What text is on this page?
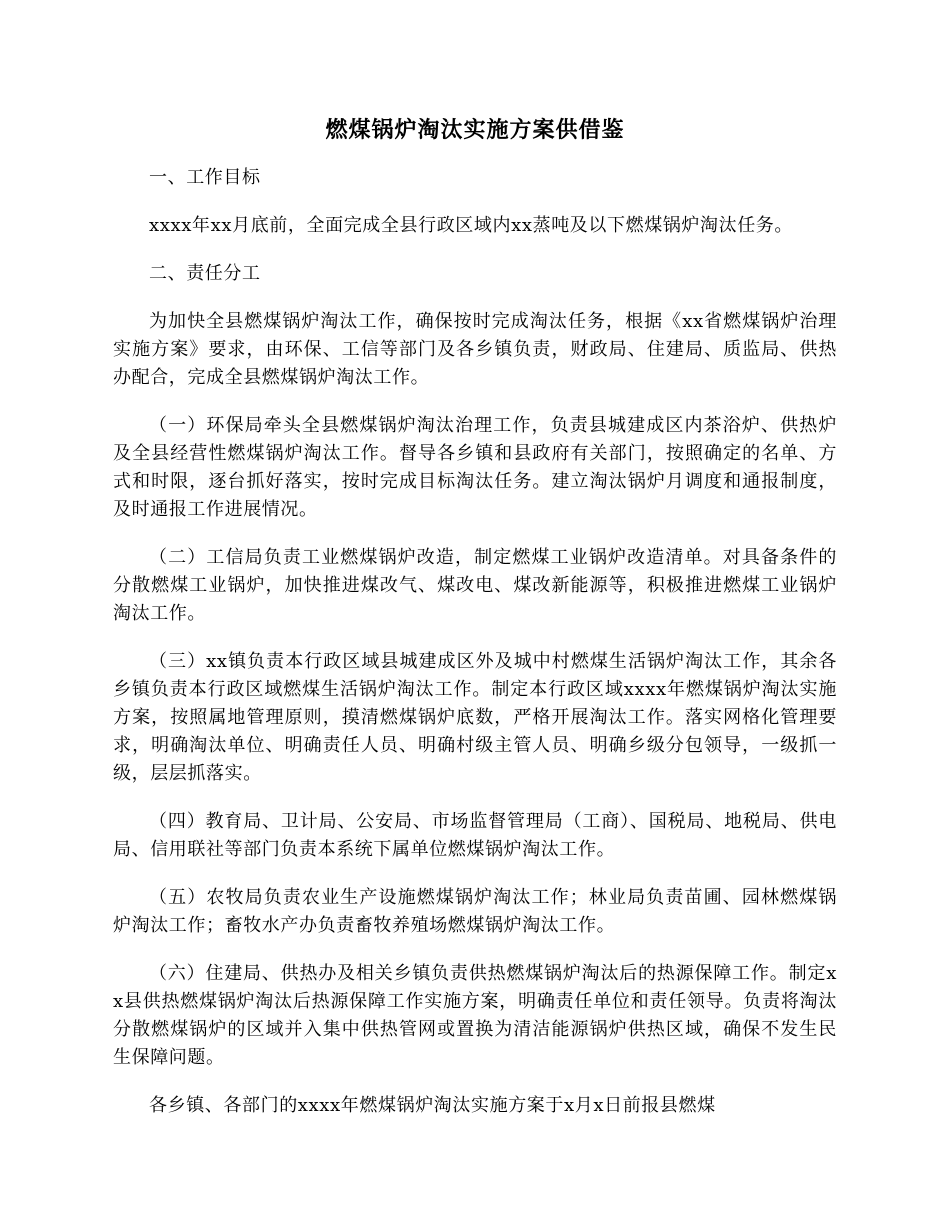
燃煤锅炉淘汰实施方案供借鉴

一、工作目标

xxxx年xx月底前，全面完成全县行政区域内xx蒸吨及以下燃煤锅炉淘汰任务。

二、责任分工

为加快全县燃煤锅炉淘汰工作，确保按时完成淘汰任务，根据《xx省燃煤锅炉治理实施方案》要求，由环保、工信等部门及各乡镇负责，财政局、住建局、质监局、供热办配合，完成全县燃煤锅炉淘汰工作。

（一）环保局牵头全县燃煤锅炉淘汰治理工作，负责县城建成区内茶浴炉、供热炉及全县经营性燃煤锅炉淘汰工作。督导各乡镇和县政府有关部门，按照确定的名单、方式和时限，逐台抓好落实，按时完成目标淘汰任务。建立淘汰锅炉月调度和通报制度，及时通报工作进展情况。

（二）工信局负责工业燃煤锅炉改造，制定燃煤工业锅炉改造清单。对具备条件的分散燃煤工业锅炉，加快推进煤改气、煤改电、煤改新能源等，积极推进燃煤工业锅炉淘汰工作。

（三）xx镇负责本行政区域县城建成区外及城中村燃煤生活锅炉淘汰工作，其余各乡镇负责本行政区域燃煤生活锅炉淘汰工作。制定本行政区域xxxx年燃煤锅炉淘汰实施方案，按照属地管理原则，摸清燃煤锅炉底数，严格开展淘汰工作。落实网格化管理要求，明确淘汰单位、明确责任人员、明确村级主管人员、明确乡级分包领导，一级抓一级，层层抓落实。

（四）教育局、卫计局、公安局、市场监督管理局（工商）、国税局、地税局、供电局、信用联社等部门负责本系统下属单位燃煤锅炉淘汰工作。

（五）农牧局负责农业生产设施燃煤锅炉淘汰工作；林业局负责苗圃、园林燃煤锅炉淘汰工作；畜牧水产办负责畜牧养殖场燃煤锅炉淘汰工作。

（六）住建局、供热办及相关乡镇负责供热燃煤锅炉淘汰后的热源保障工作。制定xx县供热燃煤锅炉淘汰后热源保障工作实施方案，明确责任单位和责任领导。负责将淘汰分散燃煤锅炉的区域并入集中供热管网或置换为清洁能源锅炉供热区域，确保不发生民生保障问题。

各乡镇、各部门的xxxx年燃煤锅炉淘汰实施方案于x月x日前报县燃煤
